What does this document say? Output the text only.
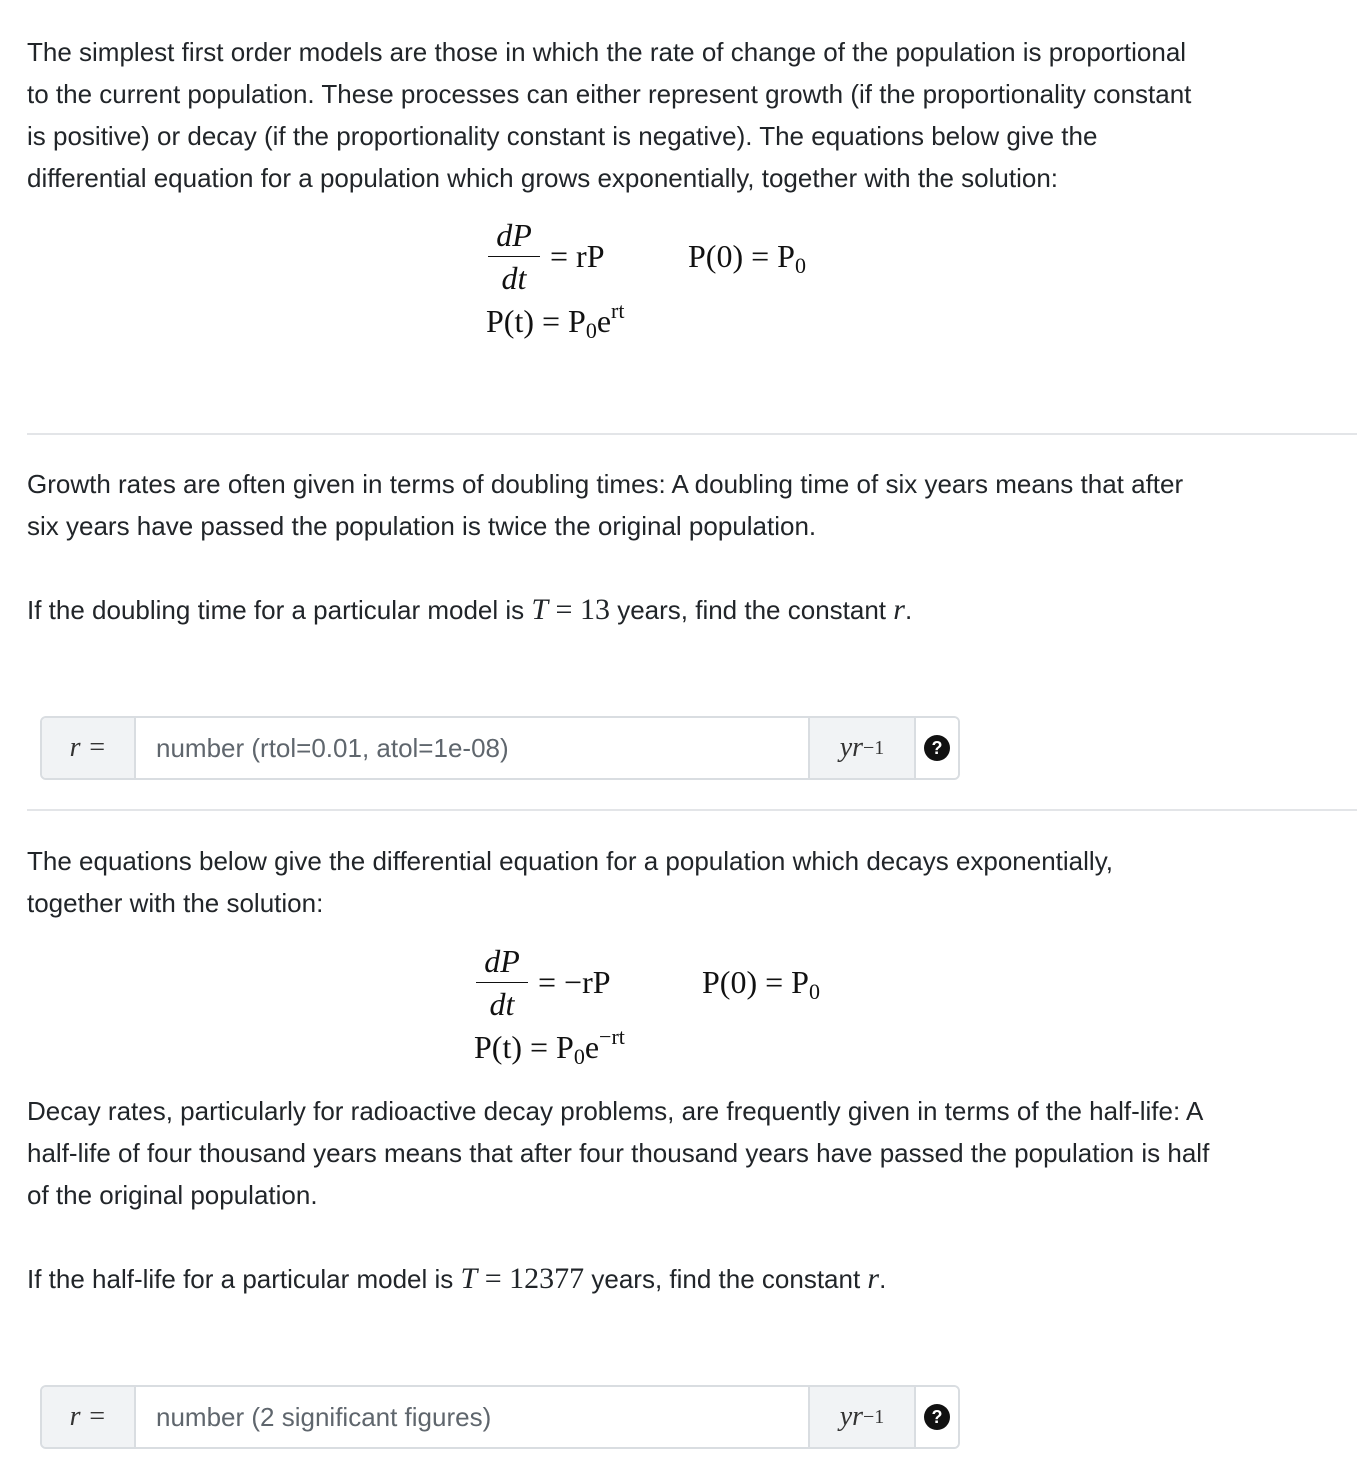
The simplest first order models are those in which the rate of change of the population is proportional

to the current population. These processes can either represent growth (if the proportionality constant

is positive) or decay (if the proportionality constant is negative). The equations below give the

differential equation for a population which grows exponentially, together with the solution:

dP
dt
= rP	$P(0) = P_0$
$P(t) = P_0e^{rt}$

Growth rates are often given in terms of doubling times: A doubling time of six years means that after

six years have passed the population is twice the original population.

If the doubling time for a particular model is T = 13 years, find the constant r.

r =
number (rtol=0.01, atol=1e-08)	yr −1	?

The equations below give the differential equation for a population which decays exponentially,

together with the solution:

dP
dt
= −rP	$P(0) = P_0$
$P(t) = P_0e^{-rt}$

Decay rates, particularly for radioactive decay problems, are frequently given in terms of the half-life: A

half-life of four thousand years means that after four thousand years have passed the population is half

of the original population.

If the half-life for a particular model is T = 12377 years, find the constant r.

r =
number (2 significant figures)	yr −1	?
